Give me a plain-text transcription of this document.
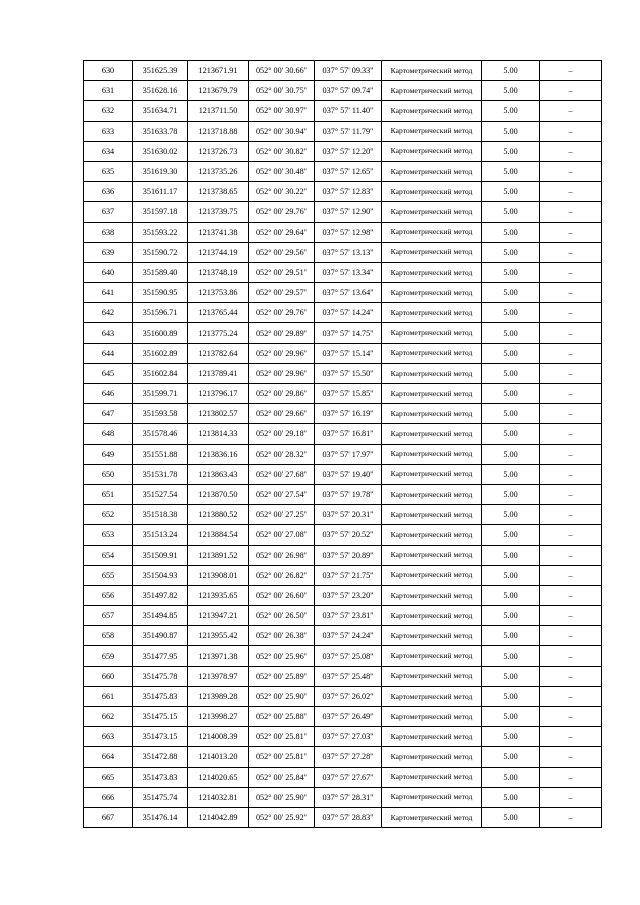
630	351625.39	1213671.91	052° 00' 30.66"	037° 57' 09.33"	Картометрический метод	5.00	–
631	351628.16	1213679.79	052° 00' 30.75"	037° 57' 09.74"	Картометрический метод	5.00	–
632	351634.71	1213711.50	052° 00' 30.97"	037° 57' 11.40"	Картометрический метод	5.00	–
633	351633.78	1213718.88	052° 00' 30.94"	037° 57' 11.79"	Картометрический метод	5.00	–
634	351630.02	1213726.73	052° 00' 30.82"	037° 57' 12.20"	Картометрический метод	5.00	–
635	351619.30	1213735.26	052° 00' 30.48"	037° 57' 12.65"	Картометрический метод	5.00	–
636	351611.17	1213738.65	052° 00' 30.22"	037° 57' 12.83"	Картометрический метод	5.00	–
637	351597.18	1213739.75	052° 00' 29.76"	037° 57' 12.90"	Картометрический метод	5.00	–
638	351593.22	1213741.38	052° 00' 29.64"	037° 57' 12.98"	Картометрический метод	5.00	–
639	351590.72	1213744.19	052° 00' 29.56"	037° 57' 13.13"	Картометрический метод	5.00	–
640	351589.40	1213748.19	052° 00' 29.51"	037° 57' 13.34"	Картометрический метод	5.00	–
641	351590.95	1213753.86	052° 00' 29.57"	037° 57' 13.64"	Картометрический метод	5.00	–
642	351596.71	1213765.44	052° 00' 29.76"	037° 57' 14.24"	Картометрический метод	5.00	–
643	351600.89	1213775.24	052° 00' 29.89"	037° 57' 14.75"	Картометрический метод	5.00	–
644	351602.89	1213782.64	052° 00' 29.96"	037° 57' 15.14"	Картометрический метод	5.00	–
645	351602.84	1213789.41	052° 00' 29.96"	037° 57' 15.50"	Картометрический метод	5.00	–
646	351599.71	1213796.17	052° 00' 29.86"	037° 57' 15.85"	Картометрический метод	5.00	–
647	351593.58	1213802.57	052° 00' 29.66"	037° 57' 16.19"	Картометрический метод	5.00	–
648	351578.46	1213814.33	052° 00' 29.18"	037° 57' 16.81"	Картометрический метод	5.00	–
649	351551.88	1213836.16	052° 00' 28.32"	037° 57' 17.97"	Картометрический метод	5.00	–
650	351531.78	1213863.43	052° 00' 27.68"	037° 57' 19.40"	Картометрический метод	5.00	–
651	351527.54	1213870.50	052° 00' 27.54"	037° 57' 19.78"	Картометрический метод	5.00	–
652	351518.38	1213880.52	052° 00' 27.25"	037° 57' 20.31"	Картометрический метод	5.00	–
653	351513.24	1213884.54	052° 00' 27.08"	037° 57' 20.52"	Картометрический метод	5.00	–
654	351509.91	1213891.52	052° 00' 26.98"	037° 57' 20.89"	Картометрический метод	5.00	–
655	351504.93	1213908.01	052° 00' 26.82"	037° 57' 21.75"	Картометрический метод	5.00	–
656	351497.82	1213935.65	052° 00' 26.60"	037° 57' 23.20"	Картометрический метод	5.00	–
657	351494.85	1213947.21	052° 00' 26.50"	037° 57' 23.81"	Картометрический метод	5.00	–
658	351490.87	1213955.42	052° 00' 26.38"	037° 57' 24.24"	Картометрический метод	5.00	–
659	351477.95	1213971.38	052° 00' 25.96"	037° 57' 25.08"	Картометрический метод	5.00	–
660	351475.78	1213978.97	052° 00' 25.89"	037° 57' 25.48"	Картометрический метод	5.00	–
661	351475.83	1213989.28	052° 00' 25.90"	037° 57' 26.02"	Картометрический метод	5.00	–
662	351475.15	1213998.27	052° 00' 25.88"	037° 57' 26.49"	Картометрический метод	5.00	–
663	351473.15	1214008.39	052° 00' 25.81"	037° 57' 27.03"	Картометрический метод	5.00	–
664	351472.88	1214013.20	052° 00' 25.81"	037° 57' 27.28"	Картометрический метод	5.00	–
665	351473.83	1214020.65	052° 00' 25.84"	037° 57' 27.67"	Картометрический метод	5.00	–
666	351475.74	1214032.81	052° 00' 25.90"	037° 57' 28.31"	Картометрический метод	5.00	–
667	351476.14	1214042.89	052° 00' 25.92"	037° 57' 28.83"	Картометрический метод	5.00	–
